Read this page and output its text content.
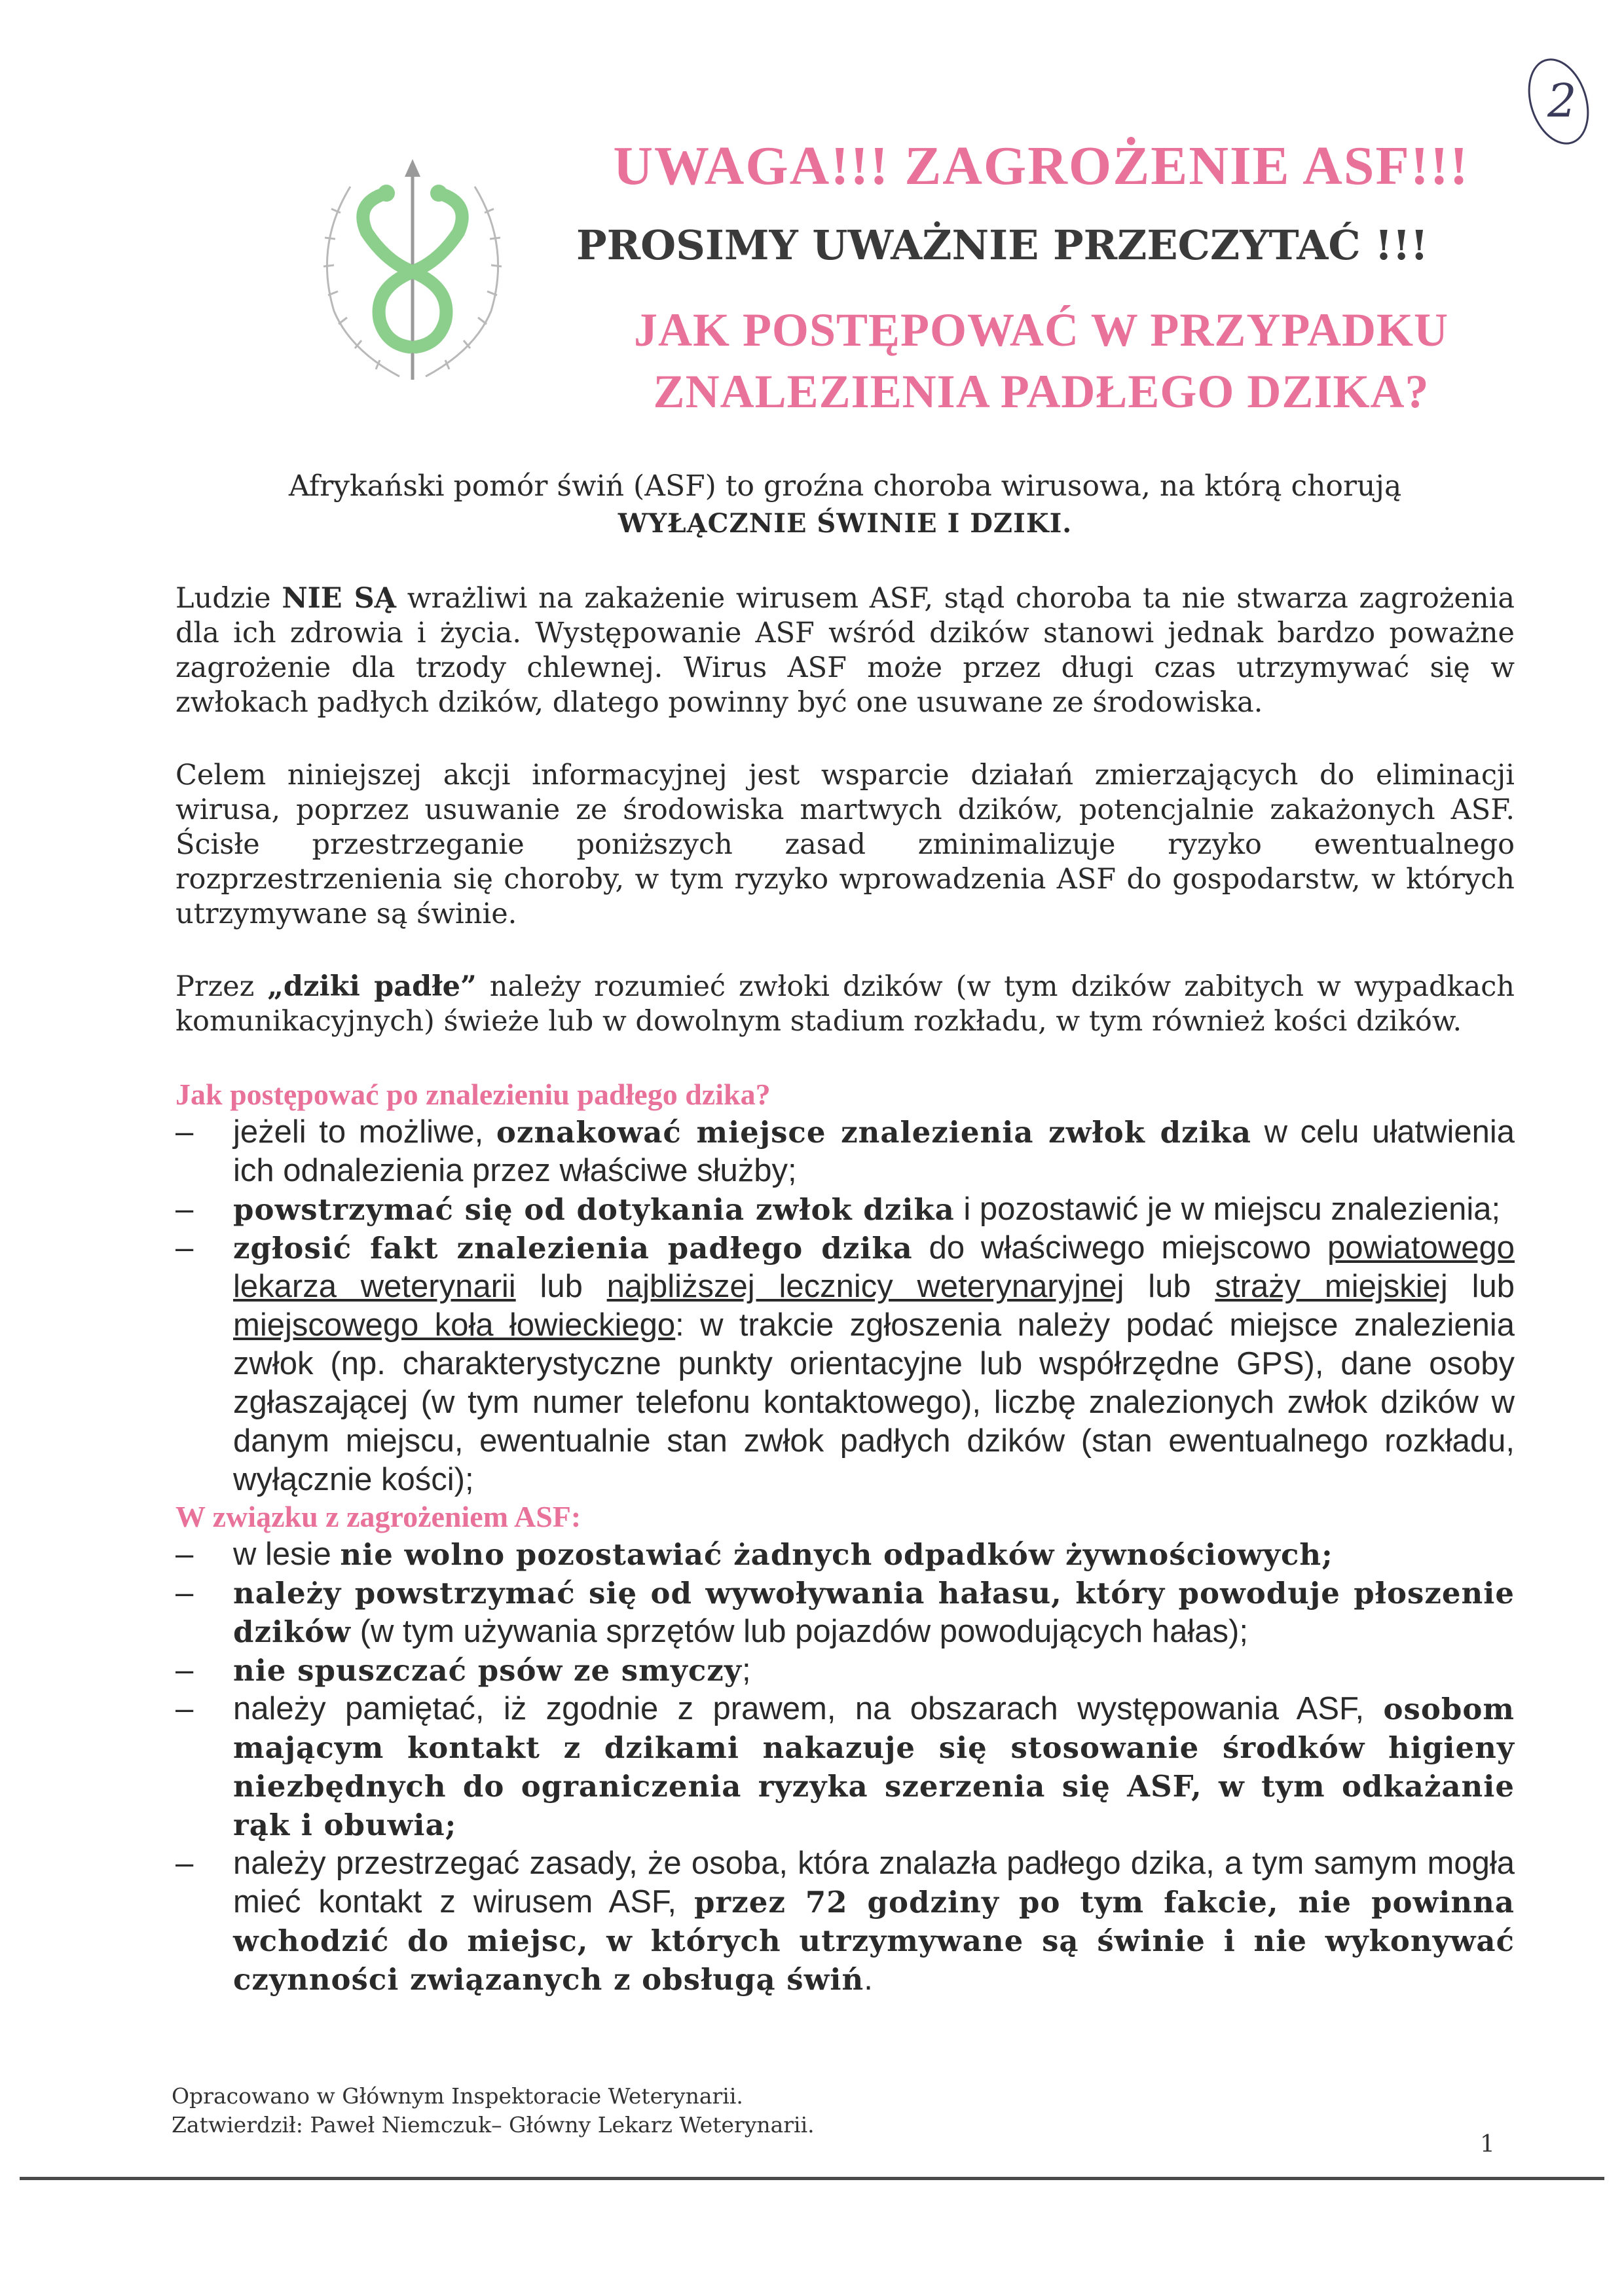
2

UWAGA!!! ZAGROŻENIE ASF!!!

PROSIMY UWAŻNIE PRZECZYTAĆ !!!

JAK POSTĘPOWAĆ W PRZYPADKU
ZNALEZIENIA PADŁEGO DZIKA?

Afrykański pomór świń (ASF) to groźna choroba wirusowa, na którą chorują
WYŁĄCZNIE ŚWINIE I DZIKI.

Ludzie NIE SĄ wrażliwi na zakażenie wirusem ASF, stąd choroba ta nie stwarza zagrożenia dla ich zdrowia i życia. Występowanie ASF wśród dzików stanowi jednak bardzo poważne zagrożenie dla trzody chlewnej. Wirus ASF może przez długi czas utrzymywać się w zwłokach padłych dzików, dlatego powinny być one usuwane ze środowiska.

Celem niniejszej akcji informacyjnej jest wsparcie działań zmierzających do eliminacji wirusa, poprzez usuwanie ze środowiska martwych dzików, potencjalnie zakażonych ASF. Ścisłe przestrzeganie poniższych zasad zminimalizuje ryzyko ewentualnego rozprzestrzenienia się choroby, w tym ryzyko wprowadzenia ASF do gospodarstw, w których utrzymywane są świnie.

Przez „dziki padłe” należy rozumieć zwłoki dzików (w tym dzików zabitych w wypadkach komunikacyjnych) świeże lub w dowolnym stadium rozkładu, w tym również kości dzików.

Jak postępować po znalezieniu padłego dzika?

– jeżeli to możliwe, oznakować miejsce znalezienia zwłok dzika w celu ułatwienia ich odnalezienia przez właściwe służby;
– powstrzymać się od dotykania zwłok dzika i pozostawić je w miejscu znalezienia;
– zgłosić fakt znalezienia padłego dzika do właściwego miejscowo powiatowego lekarza weterynarii lub najbliższej lecznicy weterynaryjnej lub straży miejskiej lub miejscowego koła łowieckiego: w trakcie zgłoszenia należy podać miejsce znalezienia zwłok (np. charakterystyczne punkty orientacyjne lub współrzędne GPS), dane osoby zgłaszającej (w tym numer telefonu kontaktowego), liczbę znalezionych zwłok dzików w danym miejscu, ewentualnie stan zwłok padłych dzików (stan ewentualnego rozkładu, wyłącznie kości);

W związku z zagrożeniem ASF:

– w lesie nie wolno pozostawiać żadnych odpadków żywnościowych;
– należy powstrzymać się od wywoływania hałasu, który powoduje płoszenie dzików (w tym używania sprzętów lub pojazdów powodujących hałas);
– nie spuszczać psów ze smyczy;
– należy pamiętać, iż zgodnie z prawem, na obszarach występowania ASF, osobom mającym kontakt z dzikami nakazuje się stosowanie środków higieny niezbędnych do ograniczenia ryzyka szerzenia się ASF, w tym odkażanie rąk i obuwia;
– należy przestrzegać zasady, że osoba, która znalazła padłego dzika, a tym samym mogła mieć kontakt z wirusem ASF, przez 72 godziny po tym fakcie, nie powinna wchodzić do miejsc, w których utrzymywane są świnie i nie wykonywać czynności związanych z obsługą świń.
Opracowano w Głównym Inspektoracie Weterynarii.
Zatwierdził: Paweł Niemczuk– Główny Lekarz Weterynarii.
1
